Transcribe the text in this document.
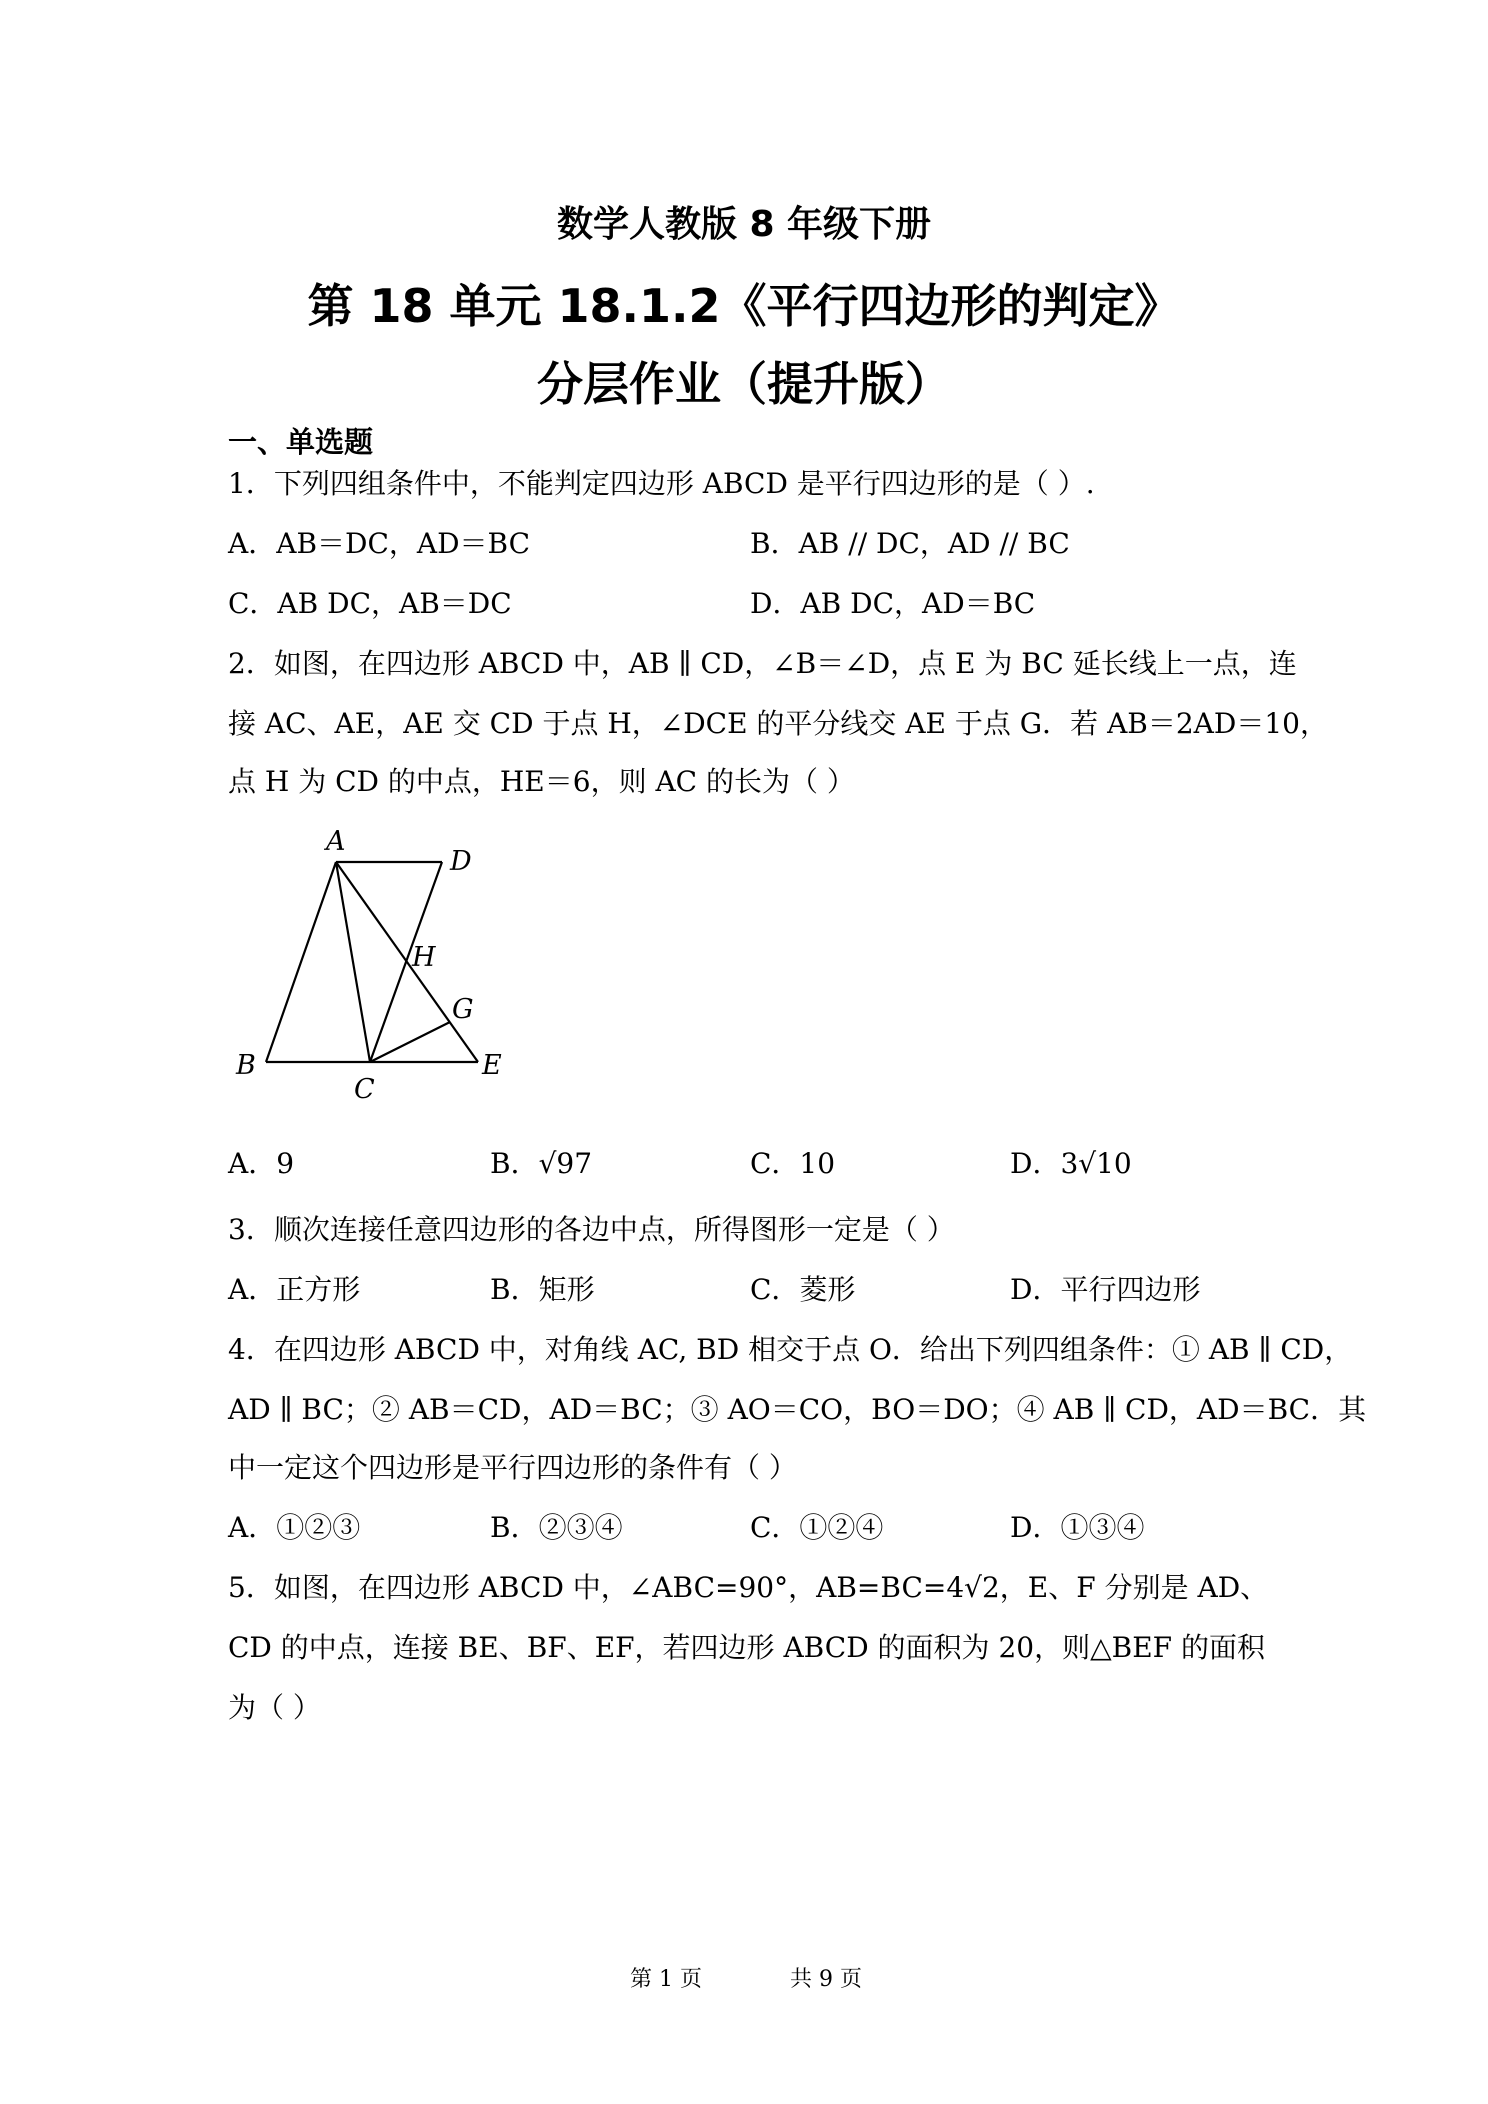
数学人教版 8 年级下册
第 18 单元 18.1.2《平行四边形的判定》
分层作业（提升版）
一、单选题
1．下列四组条件中，不能判定四边形 ABCD 是平行四边形的是（ ）.
A．AB＝DC，AD＝BC	B．AB // DC，AD // BC
C．AB DC，AB＝DC	D．AB DC，AD＝BC
2．如图，在四边形 ABCD 中，AB ∥ CD，∠B＝∠D，点 E 为 BC 延长线上一点，连
接 AC、AE，AE 交 CD 于点 H，∠DCE 的平分线交 AE 于点 G．若 AB＝2AD＝10，
点 H 为 CD 的中点，HE＝6，则 AC 的长为（ ）
A
D
H
G
B
C
E
A．9	B．√97	C．10	D．3√10
3．顺次连接任意四边形的各边中点，所得图形一定是（ ）
A．正方形	B．矩形	C．菱形	D．平行四边形
4．在四边形 ABCD 中，对角线 AC, BD 相交于点 O．给出下列四组条件：① AB ∥ CD，
AD ∥ BC；② AB＝CD，AD＝BC；③ AO＝CO，BO＝DO；④ AB ∥ CD，AD＝BC．其
中一定这个四边形是平行四边形的条件有（ ）
A．①②③	B．②③④	C．①②④	D．①③④
5．如图，在四边形 ABCD 中，∠ABC=90°，AB=BC=4√2，E、F 分别是 AD、
CD 的中点，连接 BE、BF、EF，若四边形 ABCD 的面积为 20，则△BEF 的面积
为（ ）
第 1 页	共 9 页
